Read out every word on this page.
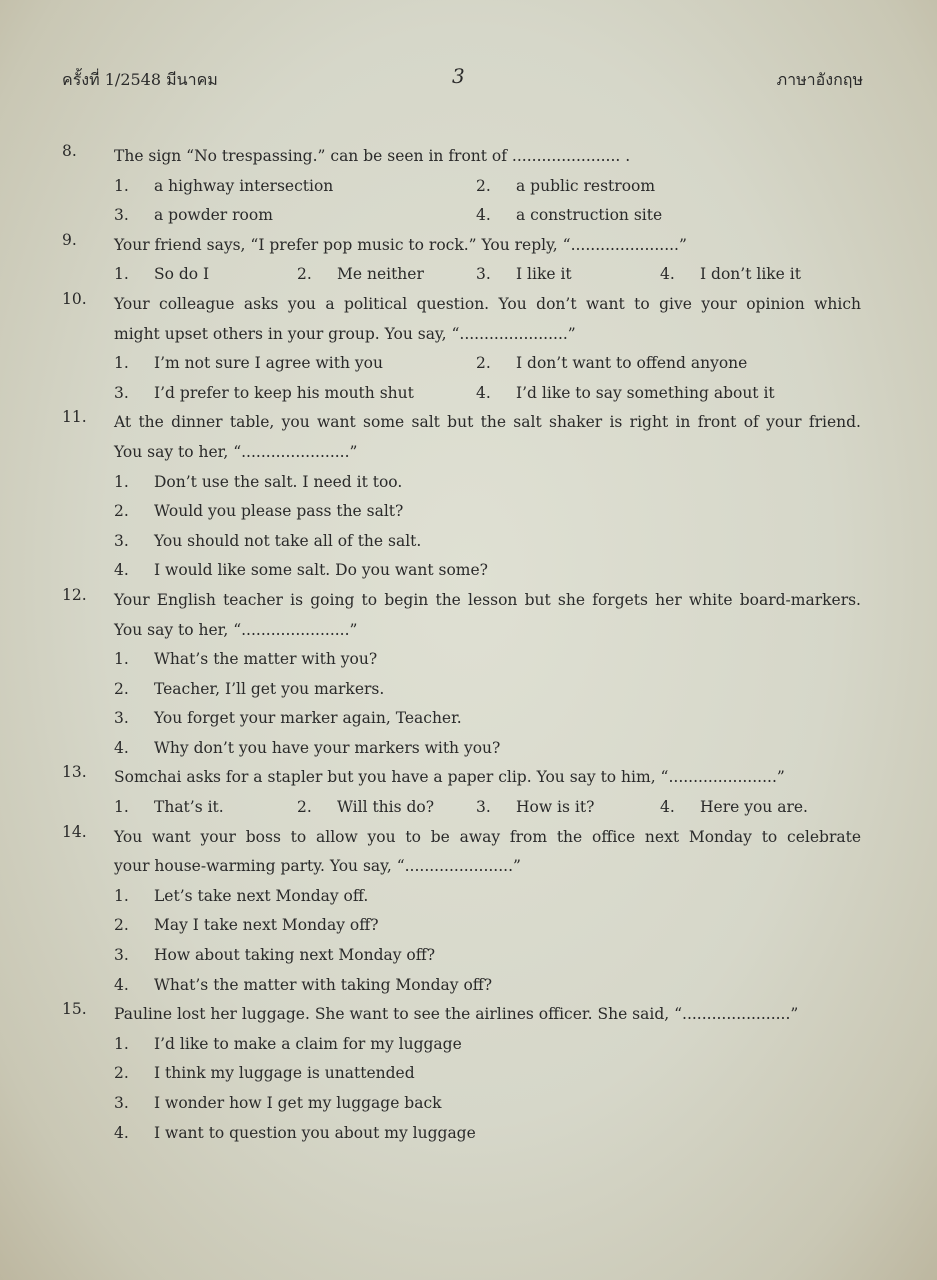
ครั้งที่ 1/2548 มีนาคม	3	ภาษาอังกฤษ
8. The sign “No trespassing.” can be seen in front of ...................... .
1. a highway intersection	2. a public restroom
3. a powder room	4. a construction site
9. Your friend says, “I prefer pop music to rock.” You reply, “......................”
1. So do I	2. Me neither	3. I like it	4. I don’t like it
10. Your colleague asks you a political question. You don’t want to give your opinion which
might upset others in your group. You say, “......................”
1. I’m not sure I agree with you	2. I don’t want to offend anyone
3. I’d prefer to keep his mouth shut	4. I’d like to say something about it
11. At the dinner table, you want some salt but the salt shaker is right in front of your friend.
You say to her, “......................”
1. Don’t use the salt. I need it too.
2. Would you please pass the salt?
3. You should not take all of the salt.
4. I would like some salt. Do you want some?
12. Your English teacher is going to begin the lesson but she forgets her white board-markers.
You say to her, “......................”
1. What’s the matter with you?
2. Teacher, I’ll get you markers.
3. You forget your marker again, Teacher.
4. Why don’t you have your markers with you?
13. Somchai asks for a stapler but you have a paper clip. You say to him, “......................”
1. That’s it.	2. Will this do?	3. How is it?	4. Here you are.
14. You want your boss to allow you to be away from the office next Monday to celebrate
your house-warming party. You say, “......................”
1. Let’s take next Monday off.
2. May I take next Monday off?
3. How about taking next Monday off?
4. What’s the matter with taking Monday off?
15. Pauline lost her luggage. She want to see the airlines officer. She said, “......................”
1. I’d like to make a claim for my luggage
2. I think my luggage is unattended
3. I wonder how I get my luggage back
4. I want to question you about my luggage
